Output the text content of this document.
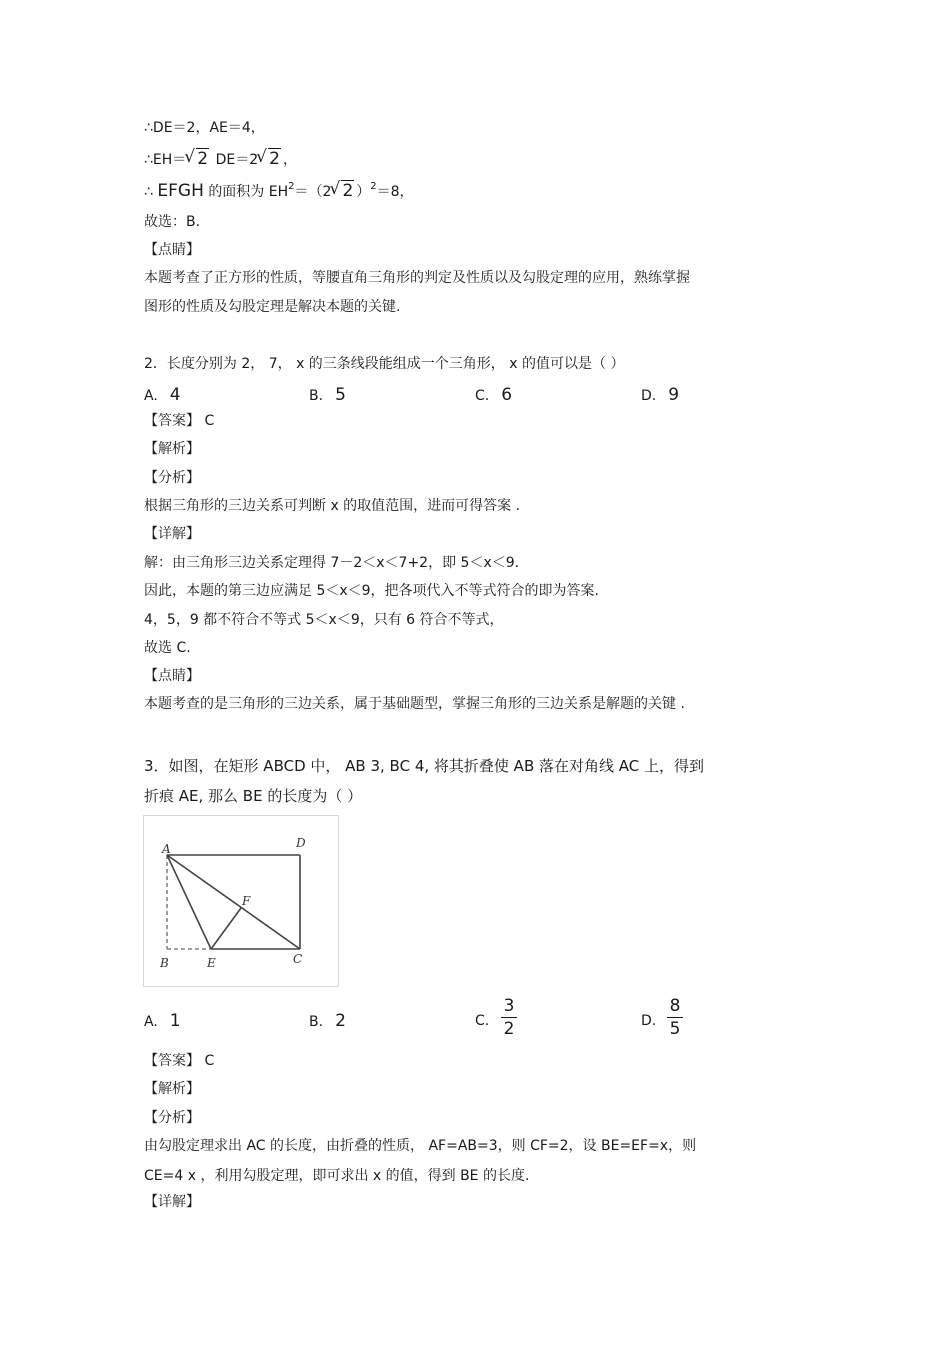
∴DE＝2，AE＝4，
∴EH＝√ 2 DE＝2√ 2 ，
∴ EFGH 的面积为 $EH^2=(2√$ 2 ）$^2$＝8，
故选：B.
【点睛】
本题考查了正方形的性质，等腰直角三角形的判定及性质以及勾股定理的应用，熟练掌握
图形的性质及勾股定理是解决本题的关键.
2．长度分别为 2， 7， x 的三条线段能组成一个三角形， x 的值可以是（ ）
A. 4	B. 5	C. 6	D. 9
【答案】 C
【解析】
【分析】
根据三角形的三边关系可判断 x 的取值范围，进而可得答案 .
【详解】
解：由三角形三边关系定理得 7－2＜x＜7+2，即 5＜x＜9．
因此，本题的第三边应满足 5＜x＜9，把各项代入不等式符合的即为答案.
4，5，9 都不符合不等式 5＜x＜9，只有 6 符合不等式，
故选 C.
【点睛】
本题考查的是三角形的三边关系，属于基础题型，掌握三角形的三边关系是解题的关键 .
3．如图，在矩形 ABCD 中， AB 3, BC 4, 将其折叠使 AB 落在对角线 AC 上，得到
折痕 AE, 那么 BE 的长度为（ ）
A	D
B	E	C
F
A. 1	B. 2	C.
3
2	D.
8
5
【答案】 C
【解析】
【分析】
由勾股定理求出 AC 的长度，由折叠的性质， AF=AB=3，则 CF=2，设 BE=EF=x，则
CE=4 x ，利用勾股定理，即可求出 x 的值，得到 BE 的长度.
【详解】
